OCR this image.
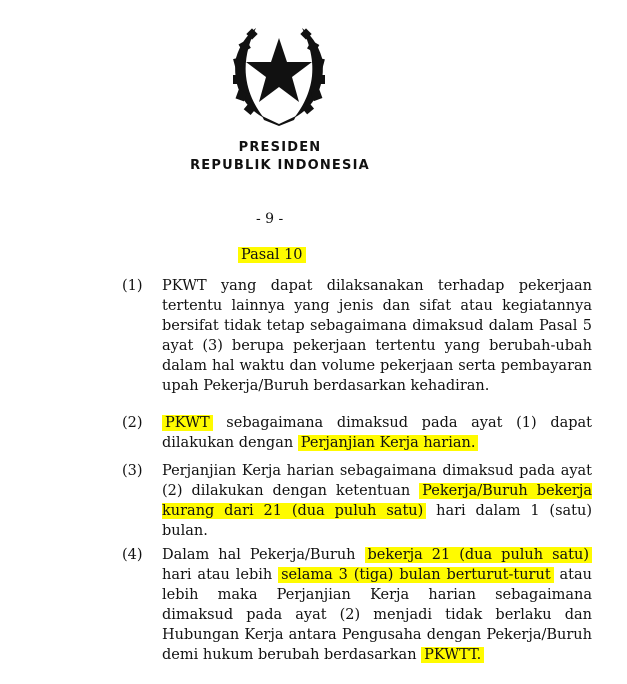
PRESIDEN
REPUBLIK INDONESIA
- 9 -
Pasal 10
(1)	PKWT yang dapat dilaksanakan terhadap pekerjaan tertentu lainnya yang jenis dan sifat atau kegiatannya bersifat tidak tetap sebagaimana dimaksud dalam Pasal 5 ayat (3) berupa pekerjaan tertentu yang berubah-ubah dalam hal waktu dan volume pekerjaan serta pembayaran upah Pekerja/Buruh berdasarkan kehadiran.
(2)	PKWT sebagaimana dimaksud pada ayat (1) dapat dilakukan dengan Perjanjian Kerja harian.
(3)	Perjanjian Kerja harian sebagaimana dimaksud pada ayat (2) dilakukan dengan ketentuan Pekerja/Buruh bekerja kurang dari 21 (dua puluh satu) hari dalam 1 (satu) bulan.
(4)	Dalam hal Pekerja/Buruh bekerja 21 (dua puluh satu) hari atau lebih selama 3 (tiga) bulan berturut-turut atau lebih maka Perjanjian Kerja harian sebagaimana dimaksud pada ayat (2) menjadi tidak berlaku dan Hubungan Kerja antara Pengusaha dengan Pekerja/Buruh demi hukum berubah berdasarkan PKWTT.
